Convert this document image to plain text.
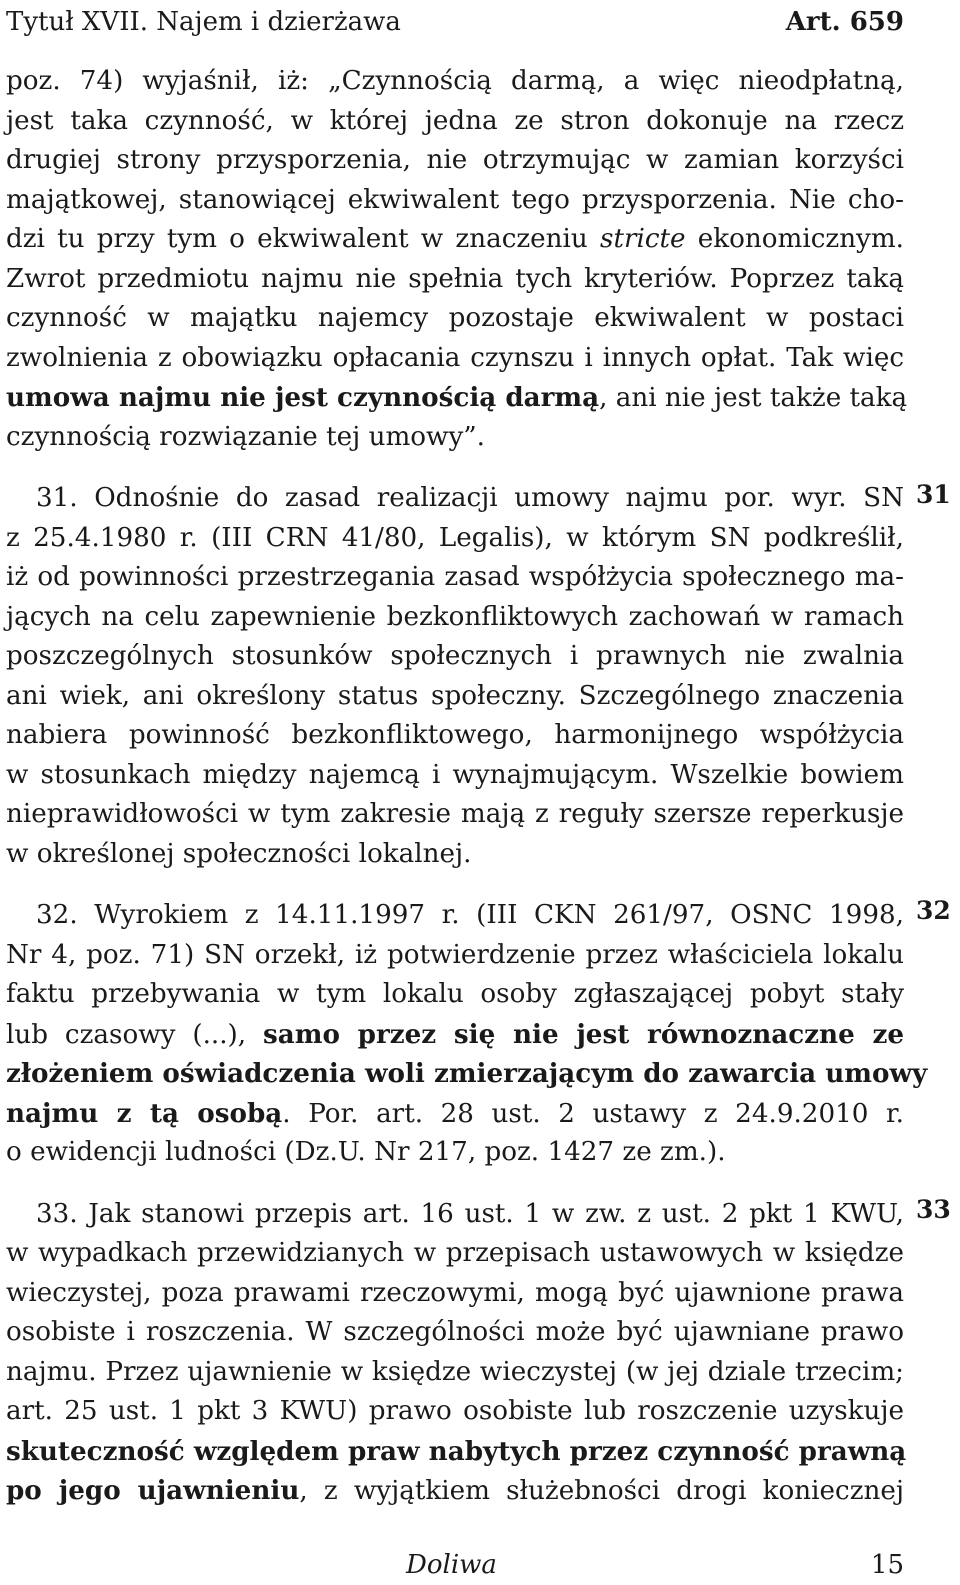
Tytuł XVII. Najem i dzierżawa	Art. 659
poz. 74) wyjaśnił, iż: „Czynnością darmą, a więc nieodpłatną,
jest taka czynność, w której jedna ze stron dokonuje na rzecz
drugiej strony przysporzenia, nie otrzymując w zamian korzyści
majątkowej, stanowiącej ekwiwalent tego przysporzenia. Nie cho-
dzi tu przy tym o ekwiwalent w znaczeniu stricte ekonomicznym.
Zwrot przedmiotu najmu nie spełnia tych kryteriów. Poprzez taką
czynność w majątku najemcy pozostaje ekwiwalent w postaci
zwolnienia z obowiązku opłacania czynszu i innych opłat. Tak więc
umowa najmu nie jest czynnością darmą, ani nie jest także taką
czynnością rozwiązanie tej umowy”.
31. Odnośnie do zasad realizacji umowy najmu por. wyr. SN
z 25.4.1980 r. (III CRN 41/80, Legalis), w którym SN podkreślił,
iż od powinności przestrzegania zasad współżycia społecznego ma-
jących na celu zapewnienie bezkonfliktowych zachowań w ramach
poszczególnych stosunków społecznych i prawnych nie zwalnia
ani wiek, ani określony status społeczny. Szczególnego znaczenia
nabiera powinność bezkonfliktowego, harmonijnego współżycia
w stosunkach między najemcą i wynajmującym. Wszelkie bowiem
nieprawidłowości w tym zakresie mają z reguły szersze reperkusje
w określonej społeczności lokalnej.
32. Wyrokiem z 14.11.1997 r. (III CKN 261/97, OSNC 1998,
Nr 4, poz. 71) SN orzekł, iż potwierdzenie przez właściciela lokalu
faktu przebywania w tym lokalu osoby zgłaszającej pobyt stały
lub czasowy (...), samo przez się nie jest równoznaczne ze
złożeniem oświadczenia woli zmierzającym do zawarcia umowy
najmu z tą osobą. Por. art. 28 ust. 2 ustawy z 24.9.2010 r.
o ewidencji ludności (Dz.U. Nr 217, poz. 1427 ze zm.).
33. Jak stanowi przepis art. 16 ust. 1 w zw. z ust. 2 pkt 1 KWU,
w wypadkach przewidzianych w przepisach ustawowych w księdze
wieczystej, poza prawami rzeczowymi, mogą być ujawnione prawa
osobiste i roszczenia. W szczególności może być ujawniane prawo
najmu. Przez ujawnienie w księdze wieczystej (w jej dziale trzecim;
art. 25 ust. 1 pkt 3 KWU) prawo osobiste lub roszczenie uzyskuje
skuteczność względem praw nabytych przez czynność prawną
po jego ujawnieniu, z wyjątkiem służebności drogi koniecznej
31
32
33
Doliwa	15
